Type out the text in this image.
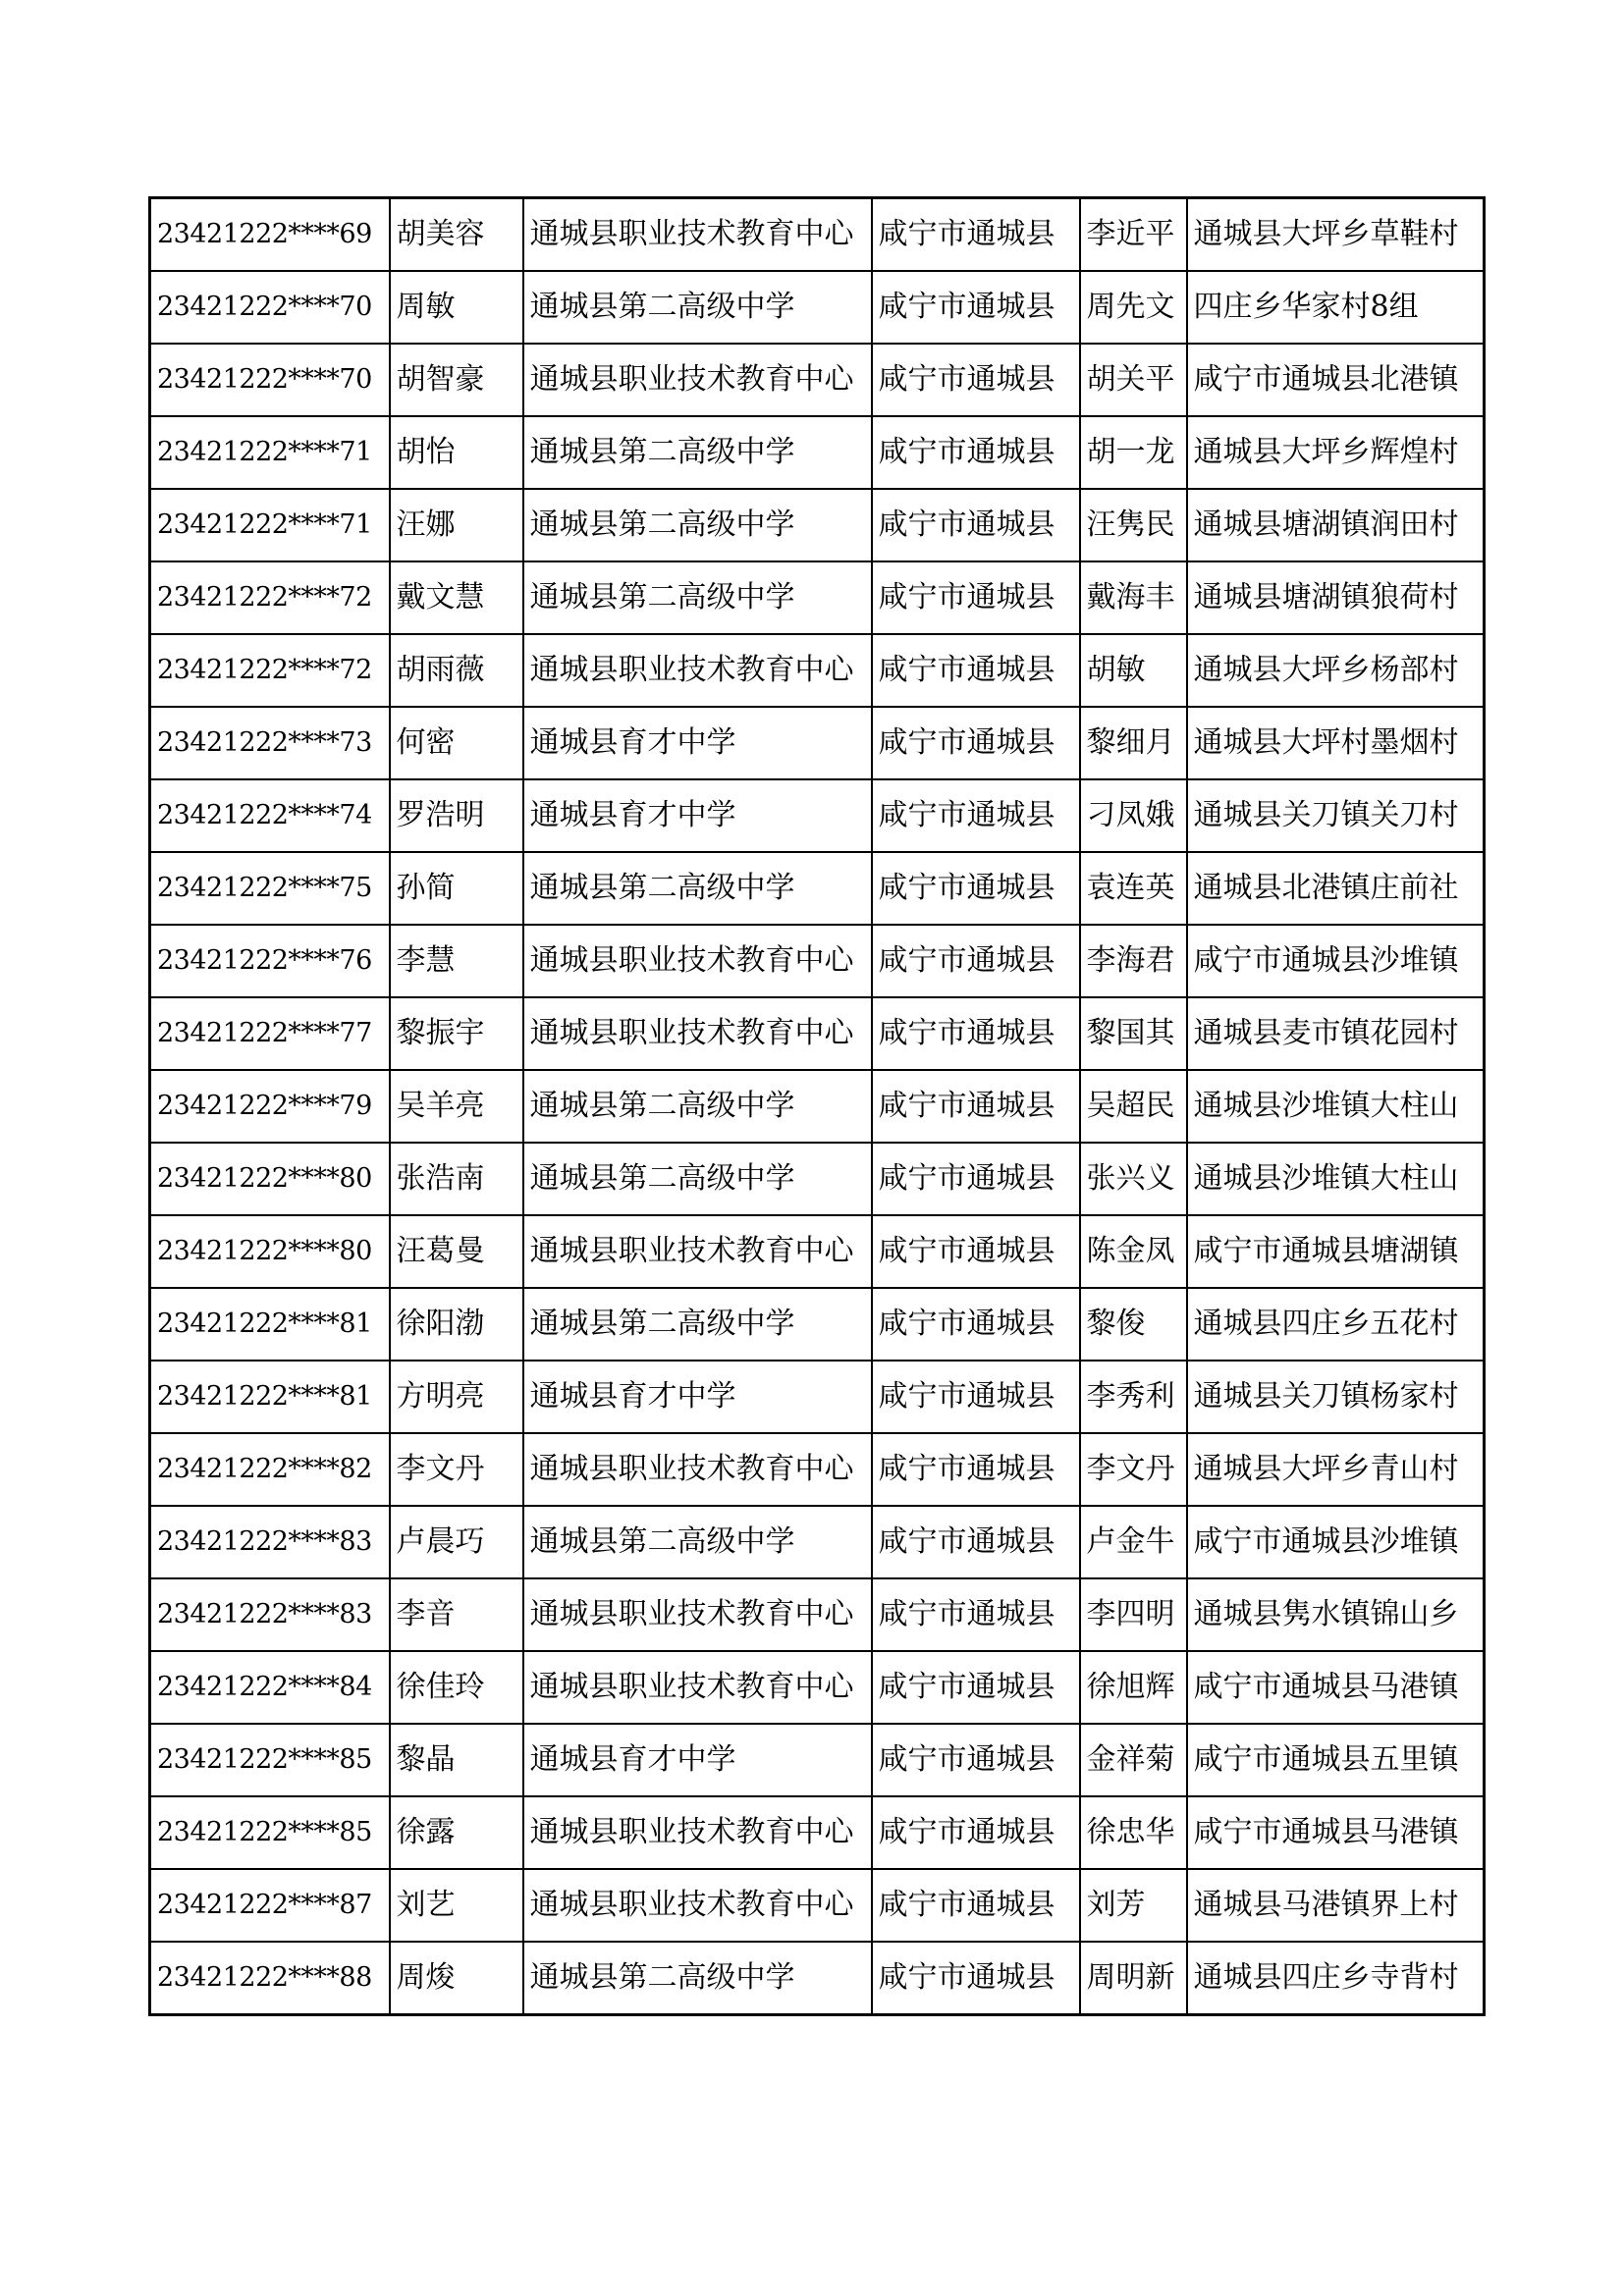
23421222****69	胡美容	通城县职业技术教育中心	咸宁市通城县	李近平	通城县大坪乡草鞋村
23421222****70	周敏	通城县第二高级中学	咸宁市通城县	周先文	四庄乡华家村8组
23421222****70	胡智豪	通城县职业技术教育中心	咸宁市通城县	胡关平	咸宁市通城县北港镇
23421222****71	胡怡	通城县第二高级中学	咸宁市通城县	胡一龙	通城县大坪乡辉煌村
23421222****71	汪娜	通城县第二高级中学	咸宁市通城县	汪隽民	通城县塘湖镇润田村
23421222****72	戴文慧	通城县第二高级中学	咸宁市通城县	戴海丰	通城县塘湖镇狼荷村
23421222****72	胡雨薇	通城县职业技术教育中心	咸宁市通城县	胡敏	通城县大坪乡杨部村
23421222****73	何密	通城县育才中学	咸宁市通城县	黎细月	通城县大坪村墨烟村
23421222****74	罗浩明	通城县育才中学	咸宁市通城县	刁凤娥	通城县关刀镇关刀村
23421222****75	孙简	通城县第二高级中学	咸宁市通城县	袁连英	通城县北港镇庄前社
23421222****76	李慧	通城县职业技术教育中心	咸宁市通城县	李海君	咸宁市通城县沙堆镇
23421222****77	黎振宇	通城县职业技术教育中心	咸宁市通城县	黎国其	通城县麦市镇花园村
23421222****79	吴羊亮	通城县第二高级中学	咸宁市通城县	吴超民	通城县沙堆镇大柱山
23421222****80	张浩南	通城县第二高级中学	咸宁市通城县	张兴义	通城县沙堆镇大柱山
23421222****80	汪葛曼	通城县职业技术教育中心	咸宁市通城县	陈金凤	咸宁市通城县塘湖镇
23421222****81	徐阳渤	通城县第二高级中学	咸宁市通城县	黎俊	通城县四庄乡五花村
23421222****81	方明亮	通城县育才中学	咸宁市通城县	李秀利	通城县关刀镇杨家村
23421222****82	李文丹	通城县职业技术教育中心	咸宁市通城县	李文丹	通城县大坪乡青山村
23421222****83	卢晨巧	通城县第二高级中学	咸宁市通城县	卢金牛	咸宁市通城县沙堆镇
23421222****83	李音	通城县职业技术教育中心	咸宁市通城县	李四明	通城县隽水镇锦山乡
23421222****84	徐佳玲	通城县职业技术教育中心	咸宁市通城县	徐旭辉	咸宁市通城县马港镇
23421222****85	黎晶	通城县育才中学	咸宁市通城县	金祥菊	咸宁市通城县五里镇
23421222****85	徐露	通城县职业技术教育中心	咸宁市通城县	徐忠华	咸宁市通城县马港镇
23421222****87	刘艺	通城县职业技术教育中心	咸宁市通城县	刘芳	通城县马港镇界上村
23421222****88	周焌	通城县第二高级中学	咸宁市通城县	周明新	通城县四庄乡寺背村
